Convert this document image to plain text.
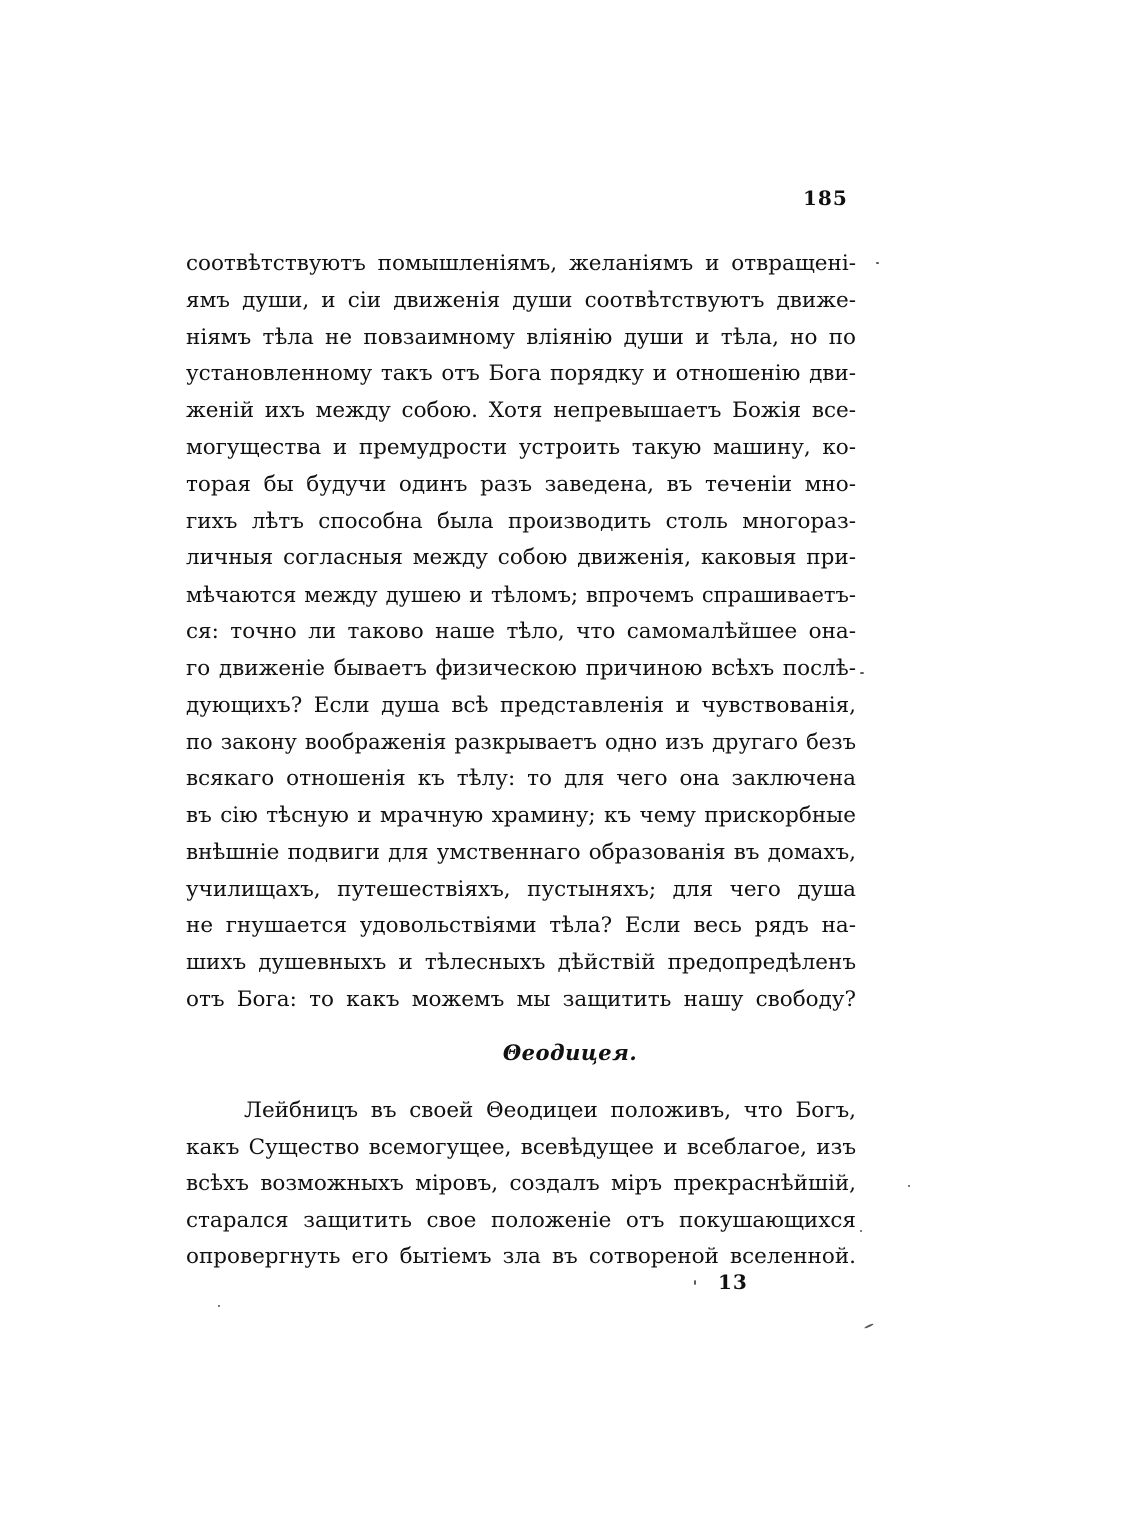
185
соотвѣтствуютъ помышленіямъ, желаніямъ и отвращені-
ямъ души, и сіи движенія души соотвѣтствуютъ движе-
ніямъ тѣла не повзаимному вліянію души и тѣла, но по
установленному такъ отъ Бога порядку и отношенію дви-
женій ихъ между собою. Хотя непревышаетъ Божія все-
могущества и премудрости устроить такую машину, ко-
торая бы будучи одинъ разъ заведена, въ теченіи мно-
гихъ лѣтъ способна была производить столь многораз-
личныя согласныя между собою движенія, каковыя при-
мѣчаются между душею и тѣломъ; впрочемъ спрашиваетъ-
ся: точно ли таково наше тѣло, что самомалѣйшее она-
го движеніе бываетъ физическою причиною всѣхъ послѣ-
дующихъ? Если душа всѣ представленія и чувствованія,
по закону воображенія разкрываетъ одно изъ другаго безъ
всякаго отношенія къ тѣлу: то для чего она заключена
въ сію тѣсную и мрачную храмину; къ чему прискорбные
внѣшніе подвиги для умственнаго образованія въ домахъ,
училищахъ, путешествіяхъ, пустыняхъ; для чего душа
не гнушается удовольствіями тѣла? Если весь рядъ на-
шихъ душевныхъ и тѣлесныхъ дѣйствій предопредѣленъ
отъ Бога: то какъ можемъ мы защитить нашу свободу?
Θеодицея.
Лейбницъ въ своей Θеодицеи положивъ, что Богъ,
какъ Существо всемогущее, всевѣдущее и всеблагое, изъ
всѣхъ возможныхъ міровъ, создалъ міръ прекраснѣйшій,
старался защитить свое положеніе отъ покушающихся
опровергнуть его бытіемъ зла въ сотвореной вселенной.
13
